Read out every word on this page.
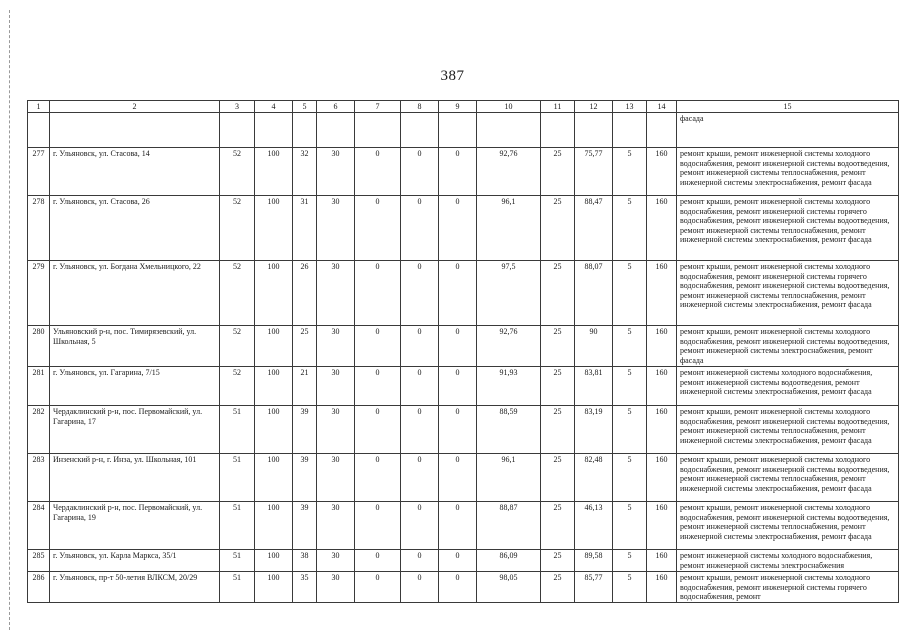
387
1	2	3	4	5	6	7	8	9	10	11	12	13	14	15
														фасада
277	г. Ульяновск, ул. Стасова, 14	52	100	32	30	0	0	0	92,76	25	75,77	5	160	ремонт крыши, ремонт инженерной системы холодного водоснабжения, ремонт инженерной системы водоотведения, ремонт инженерной системы теплоснабжения, ремонт инженерной системы электроснабжения, ремонт фасада
278	г. Ульяновск, ул. Стасова, 26	52	100	31	30	0	0	0	96,1	25	88,47	5	160	ремонт крыши, ремонт инженерной системы холодного водоснабжения, ремонт инженерной системы горячего водоснабжения, ремонт инженерной системы водоотведения, ремонт инженерной системы теплоснабжения, ремонт инженерной системы электроснабжения, ремонт фасада
279	г. Ульяновск, ул. Богдана Хмельницкого, 22	52	100	26	30	0	0	0	97,5	25	88,07	5	160	ремонт крыши, ремонт инженерной системы холодного водоснабжения, ремонт инженерной системы горячего водоснабжения, ремонт инженерной системы водоотведения, ремонт инженерной системы теплоснабжения, ремонт инженерной системы электроснабжения, ремонт фасада
280	Ульяновский р-н, пос. Тимирязевский, ул. Школьная, 5	52	100	25	30	0	0	0	92,76	25	90	5	160	ремонт крыши, ремонт инженерной системы холодного водоснабжения, ремонт инженерной системы водоотведения, ремонт инженерной системы электроснабжения, ремонт фасада
281	г. Ульяновск, ул. Гагарина, 7/15	52	100	21	30	0	0	0	91,93	25	83,81	5	160	ремонт инженерной системы холодного водоснабжения, ремонт инженерной системы водоотведения, ремонт инженерной системы электроснабжения, ремонт фасада
282	Чердаклинский р-н, пос. Первомайский, ул. Гагарина, 17	51	100	39	30	0	0	0	88,59	25	83,19	5	160	ремонт крыши, ремонт инженерной системы холодного водоснабжения, ремонт инженерной системы водоотведения, ремонт инженерной системы теплоснабжения, ремонт инженерной системы электроснабжения, ремонт фасада
283	Инзенский р-н, г. Инза, ул. Школьная, 101	51	100	39	30	0	0	0	96,1	25	82,48	5	160	ремонт крыши, ремонт инженерной системы холодного водоснабжения, ремонт инженерной системы водоотведения, ремонт инженерной системы теплоснабжения, ремонт инженерной системы электроснабжения, ремонт фасада
284	Чердаклинский р-н, пос. Первомайский, ул. Гагарина, 19	51	100	39	30	0	0	0	88,87	25	46,13	5	160	ремонт крыши, ремонт инженерной системы холодного водоснабжения, ремонт инженерной системы водоотведения, ремонт инженерной системы теплоснабжения, ремонт инженерной системы электроснабжения, ремонт фасада
285	г. Ульяновск, ул. Карла Маркса, 35/1	51	100	38	30	0	0	0	86,09	25	89,58	5	160	ремонт инженерной системы холодного водоснабжения, ремонт инженерной системы электроснабжения
286	г. Ульяновск, пр-т 50-летия ВЛКСМ, 20/29	51	100	35	30	0	0	0	98,05	25	85,77	5	160	ремонт крыши, ремонт инженерной системы холодного водоснабжения, ремонт инженерной системы горячего водоснабжения, ремонт
